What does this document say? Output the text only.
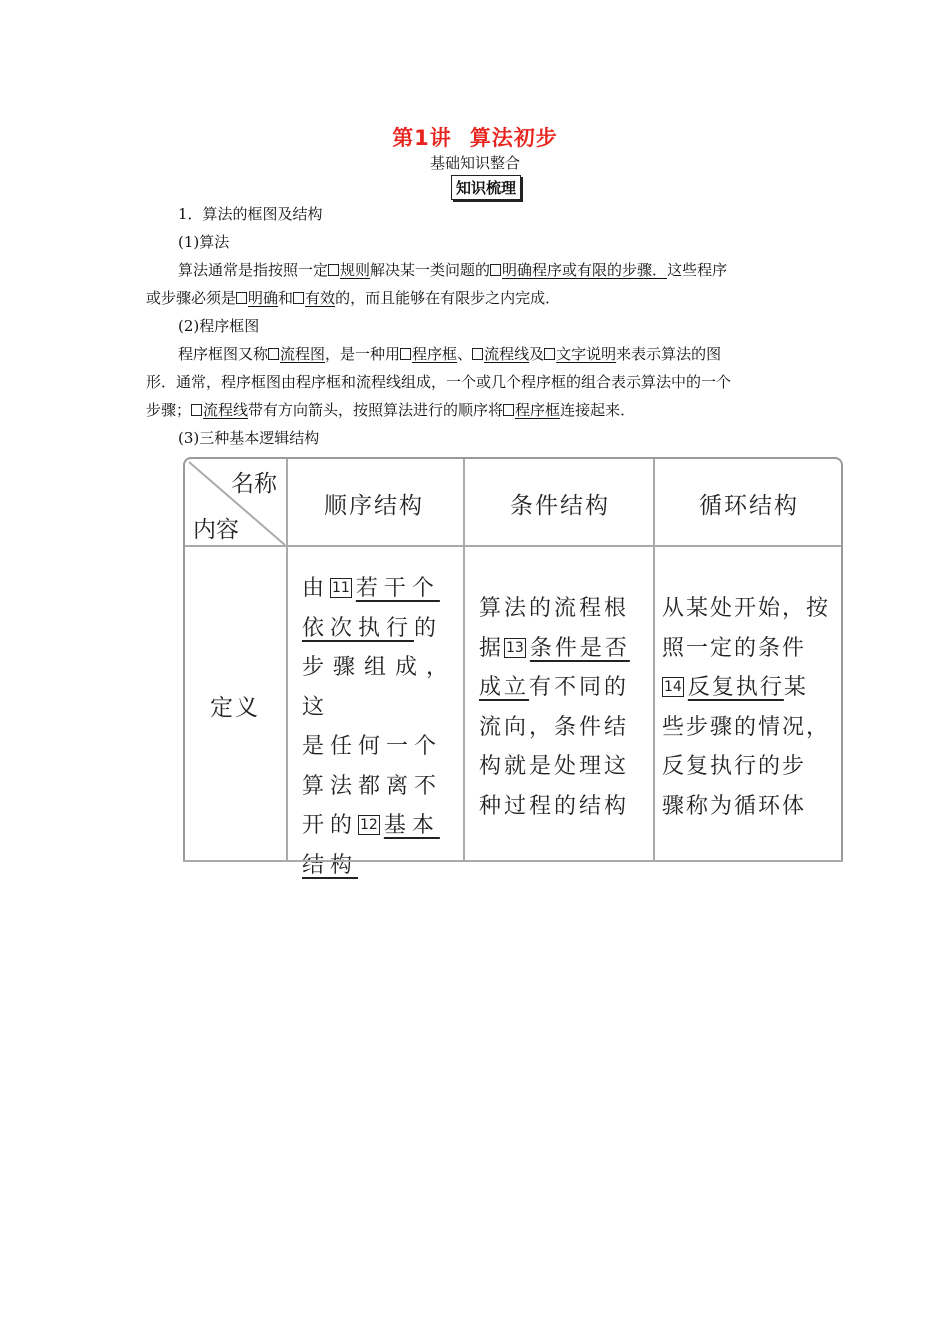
第1讲 算法初步
基础知识整合
知识梳理
1．算法的框图及结构
(1)算法
算法通常是指按照一定 规则解决某一类问题的 明确程序或有限的步骤．这些程序
或步骤必须是 明确和 有效的，而且能够在有限步之内完成．
(2)程序框图
程序框图又称 流程图，是一种用 程序框、 流程线及 文字说明来表示算法的图
形．通常，程序框图由程序框和流程线组成，一个或几个程序框的组合表示算法中的一个
步骤； 流程线带有方向箭头，按照算法进行的顺序将 程序框连接起来．
(3)三种基本逻辑结构
名称
内容
顺序结构	条件结构	循环结构
定义
由 11 若干个
依次执行的
步骤组成，这
是任何一个
算法都离不
开的 12 基本
结构
算法的流程根
据 13 条件是否
成立有不同的
流向，条件结
构就是处理这
种过程的结构
从某处开始，按
照一定的条件
14 反复执行某
些步骤的情况，
反复执行的步
骤称为循环体
